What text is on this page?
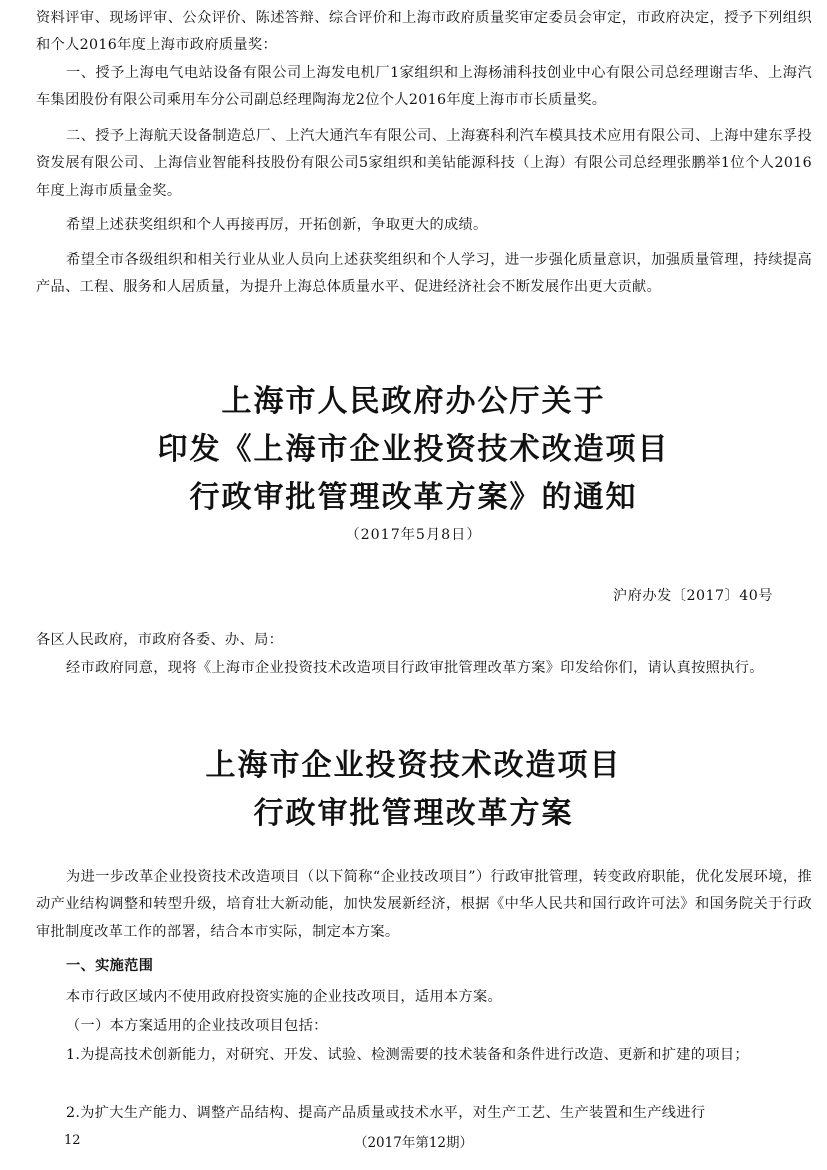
资料评审、现场评审、公众评价、陈述答辩、综合评价和上海市政府质量奖审定委员会审定，市政府决定，授予下列组织和个人2016年度上海市政府质量奖：

一、授予上海电气电站设备有限公司上海发电机厂1家组织和上海杨浦科技创业中心有限公司总经理谢吉华、上海汽车集团股份有限公司乘用车分公司副总经理陶海龙2位个人2016年度上海市市长质量奖。

二、授予上海航天设备制造总厂、上汽大通汽车有限公司、上海赛科利汽车模具技术应用有限公司、上海中建东孚投资发展有限公司、上海信业智能科技股份有限公司5家组织和美钻能源科技（上海）有限公司总经理张鹏举1位个人2016年度上海市质量金奖。

希望上述获奖组织和个人再接再厉，开拓创新，争取更大的成绩。

希望全市各级组织和相关行业从业人员向上述获奖组织和个人学习，进一步强化质量意识，加强质量管理，持续提高产品、工程、服务和人居质量，为提升上海总体质量水平、促进经济社会不断发展作出更大贡献。

上海市人民政府办公厅关于
印发《上海市企业投资技术改造项目
行政审批管理改革方案》的通知
（2017年5月8日）
沪府办发〔2017〕40号

各区人民政府，市政府各委、办、局：

经市政府同意，现将《上海市企业投资技术改造项目行政审批管理改革方案》印发给你们，请认真按照执行。

上海市企业投资技术改造项目
行政审批管理改革方案

为进一步改革企业投资技术改造项目（以下简称“企业技改项目”）行政审批管理，转变政府职能，优化发展环境，推动产业结构调整和转型升级，培育壮大新动能，加快发展新经济，根据《中华人民共和国行政许可法》和国务院关于行政审批制度改革工作的部署，结合本市实际，制定本方案。

一、实施范围

本市行政区域内不使用政府投资实施的企业技改项目，适用本方案。

（一）本方案适用的企业技改项目包括：

1.为提高技术创新能力，对研究、开发、试验、检测需要的技术装备和条件进行改造、更新和扩建的项目；

2.为扩大生产能力、调整产品结构、提高产品质量或技术水平，对生产工艺、生产装置和生产线进行

12	（2017年第12期）
